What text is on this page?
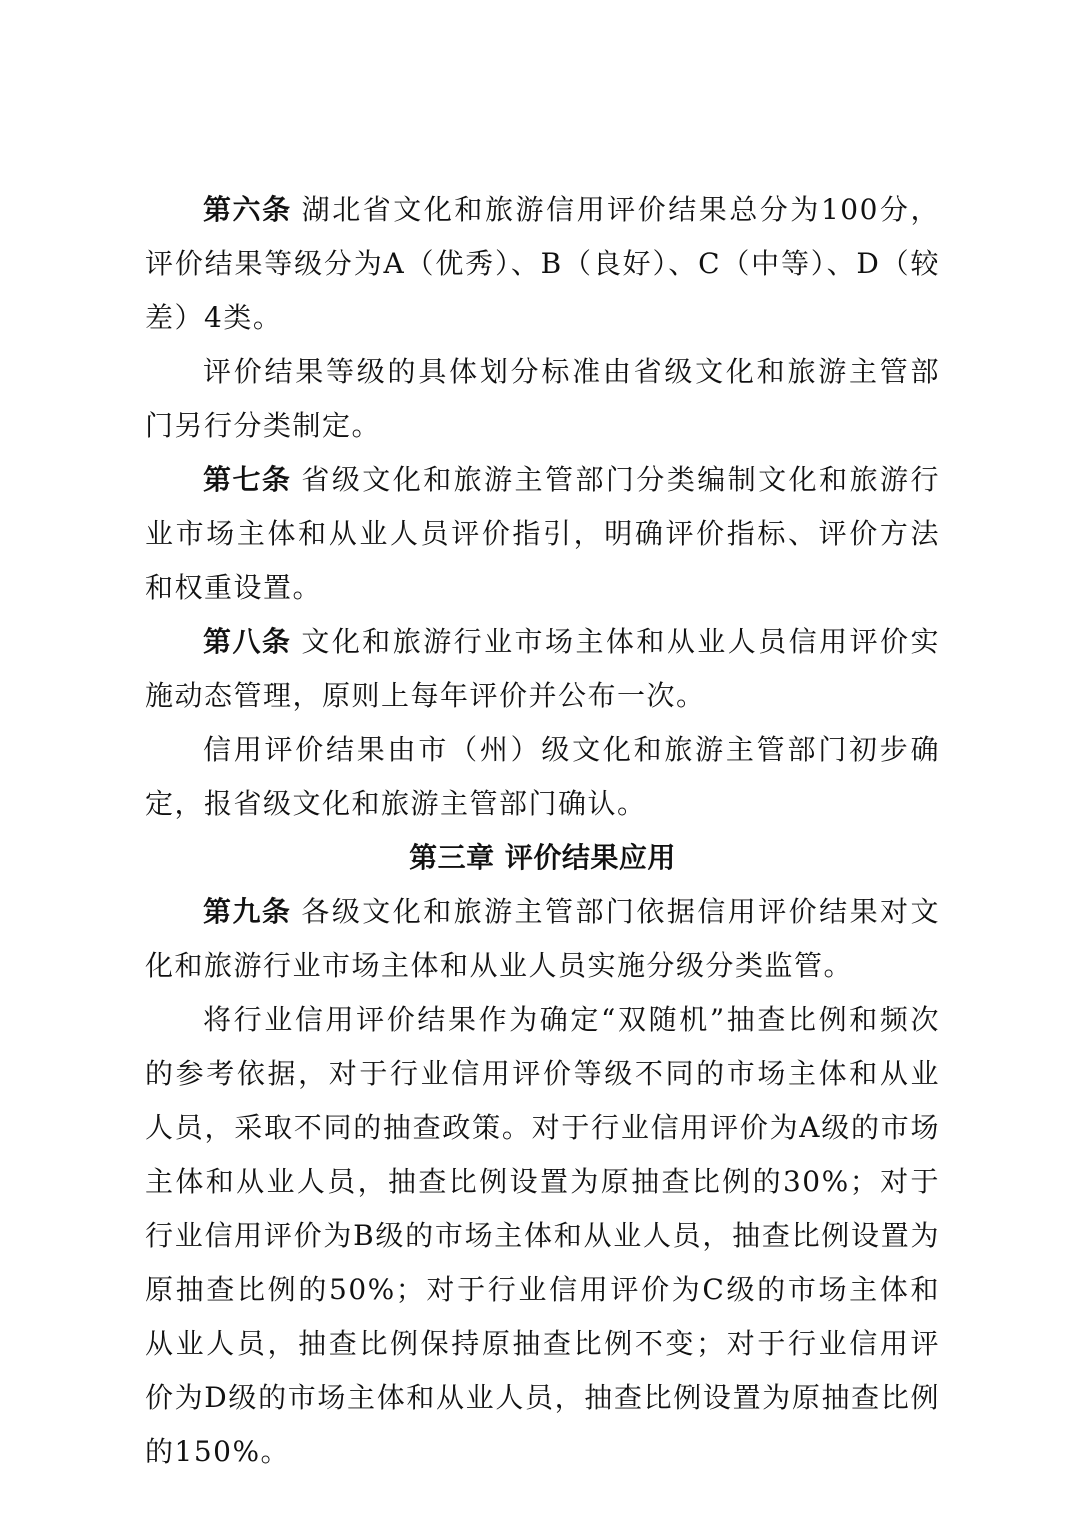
第六条 湖北省文化和旅游信用评价结果总分为100分，评价结果等级分为A（优秀）、B（良好）、C（中等）、D（较差）4类。

评价结果等级的具体划分标准由省级文化和旅游主管部门另行分类制定。

第七条 省级文化和旅游主管部门分类编制文化和旅游行业市场主体和从业人员评价指引，明确评价指标、评价方法和权重设置。

第八条 文化和旅游行业市场主体和从业人员信用评价实施动态管理，原则上每年评价并公布一次。

信用评价结果由市（州）级文化和旅游主管部门初步确定，报省级文化和旅游主管部门确认。

第三章 评价结果应用

第九条 各级文化和旅游主管部门依据信用评价结果对文化和旅游行业市场主体和从业人员实施分级分类监管。

将行业信用评价结果作为确定“双随机”抽查比例和频次的参考依据，对于行业信用评价等级不同的市场主体和从业人员，采取不同的抽查政策。对于行业信用评价为A级的市场主体和从业人员，抽查比例设置为原抽查比例的30%；对于行业信用评价为B级的市场主体和从业人员，抽查比例设置为原抽查比例的50%；对于行业信用评价为C级的市场主体和从业人员，抽查比例保持原抽查比例不变；对于行业信用评价为D级的市场主体和从业人员，抽查比例设置为原抽查比例的150%。
